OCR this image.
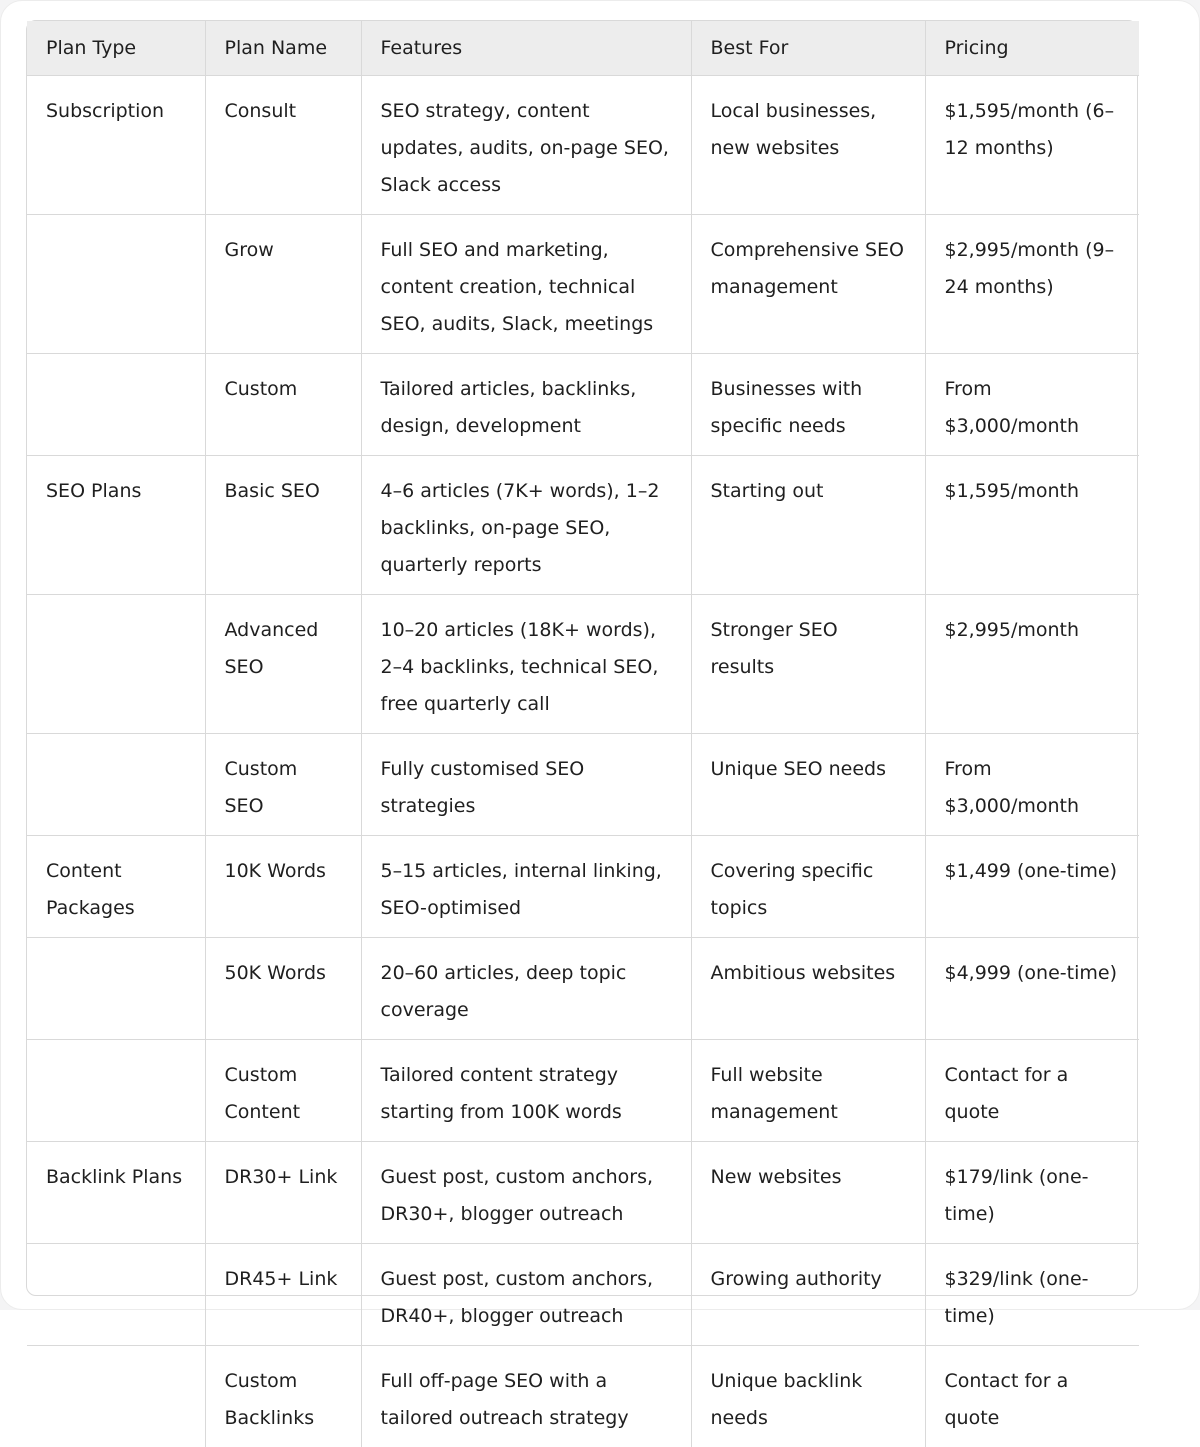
Plan Type	Plan Name	Features	Best For	Pricing
Subscription	Consult	SEO strategy, content updates, audits, on-page SEO, Slack access	Local businesses, new websites	$1,595/month (6–12 months)
	Grow	Full SEO and marketing, content creation, technical SEO, audits, Slack, meetings	Comprehensive SEO management	$2,995/month (9–24 months)
	Custom	Tailored articles, backlinks, design, development	Businesses with specific needs	From $3,000/month
SEO Plans	Basic SEO	4–6 articles (7K+ words), 1–2 backlinks, on-page SEO, quarterly reports	Starting out	$1,595/month
	Advanced SEO	10–20 articles (18K+ words), 2–4 backlinks, technical SEO, free quarterly call	Stronger SEO results	$2,995/month
	Custom SEO	Fully customised SEO strategies	Unique SEO needs	From $3,000/month
Content Packages	10K Words	5–15 articles, internal linking, SEO-optimised	Covering specific topics	$1,499 (one-time)
	50K Words	20–60 articles, deep topic coverage	Ambitious websites	$4,999 (one-time)
	Custom Content	Tailored content strategy starting from 100K words	Full website management	Contact for a quote
Backlink Plans	DR30+ Link	Guest post, custom anchors, DR30+, blogger outreach	New websites	$179/link (one-time)
	DR45+ Link	Guest post, custom anchors, DR40+, blogger outreach	Growing authority	$329/link (one-time)
	Custom Backlinks	Full off-page SEO with a tailored outreach strategy	Unique backlink needs	Contact for a quote
